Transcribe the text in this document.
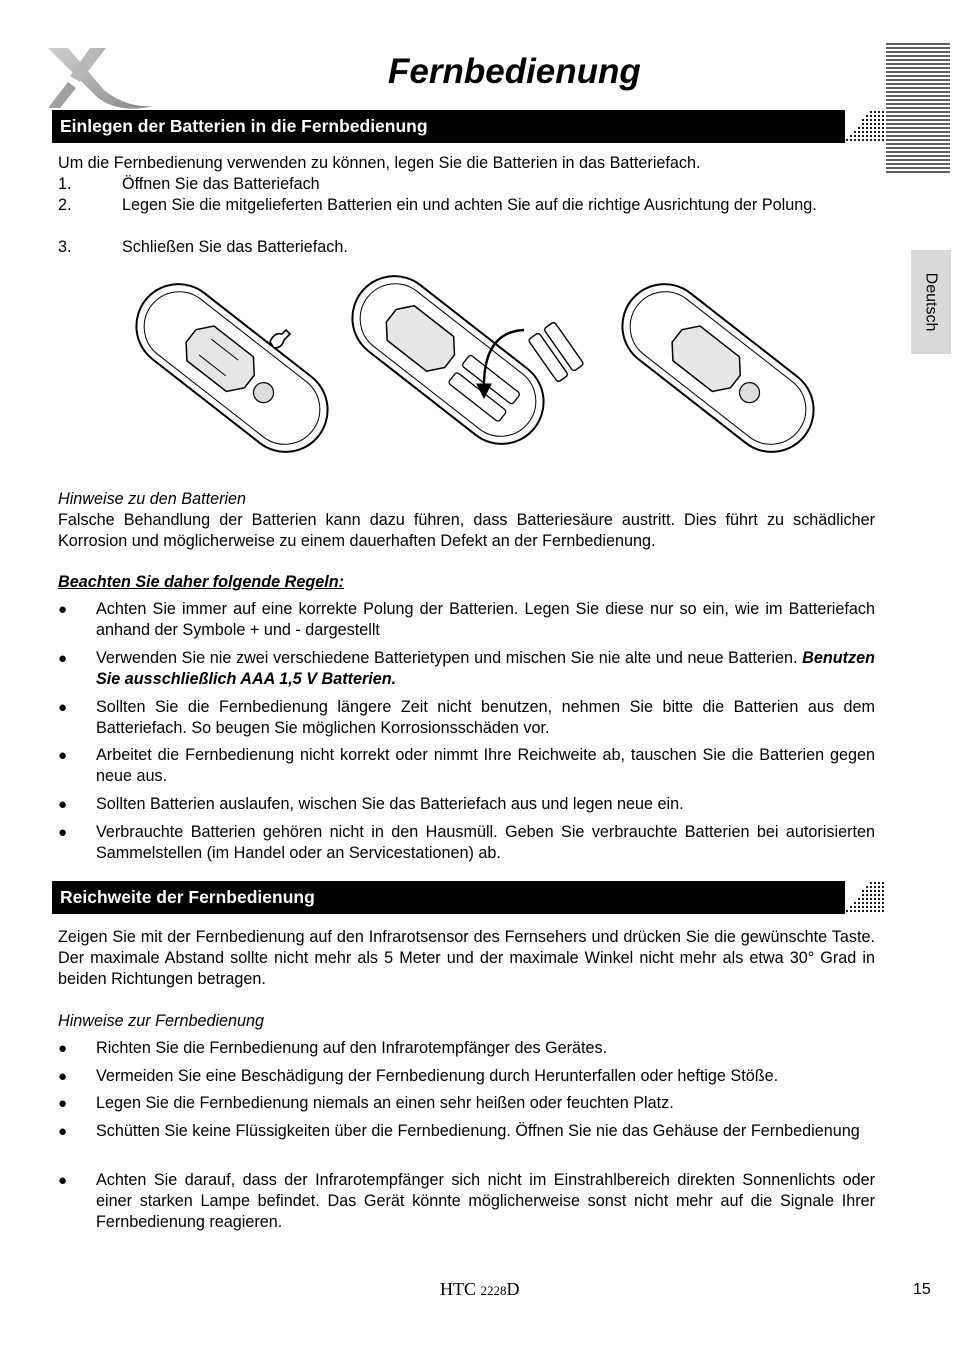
Fernbedienung
Deutsch
Einlegen der Batterien in die Fernbedienung
Um die Fernbedienung verwenden zu können, legen Sie die Batterien in das Batteriefach.
1.	Öffnen Sie das Batteriefach
2.	Legen Sie die mitgelieferten Batterien ein und achten Sie auf die richtige Ausrichtung der Polung.
3.	Schließen Sie das Batteriefach.
Hinweise zu den Batterien
Falsche Behandlung der Batterien kann dazu führen, dass Batteriesäure austritt. Dies führt zu schädlicher Korrosion und möglicherweise zu einem dauerhaften Defekt an der Fernbedienung.
Beachten Sie daher folgende Regeln:
● Achten Sie immer auf eine korrekte Polung der Batterien. Legen Sie diese nur so ein, wie im Batteriefach anhand der Symbole + und - dargestellt
● Verwenden Sie nie zwei verschiedene Batterietypen und mischen Sie nie alte und neue Batterien. Benutzen Sie ausschließlich AAA 1,5 V Batterien.
● Sollten Sie die Fernbedienung längere Zeit nicht benutzen, nehmen Sie bitte die Batterien aus dem Batteriefach. So beugen Sie möglichen Korrosionsschäden vor.
● Arbeitet die Fernbedienung nicht korrekt oder nimmt Ihre Reichweite ab, tauschen Sie die Batterien gegen neue aus.
● Sollten Batterien auslaufen, wischen Sie das Batteriefach aus und legen neue ein.
● Verbrauchte Batterien gehören nicht in den Hausmüll. Geben Sie verbrauchte Batterien bei autorisierten Sammelstellen (im Handel oder an Servicestationen) ab.
Reichweite der Fernbedienung
Zeigen Sie mit der Fernbedienung auf den Infrarotsensor des Fernsehers und drücken Sie die gewünschte Taste. Der maximale Abstand sollte nicht mehr als 5 Meter und der maximale Winkel nicht mehr als etwa 30° Grad in beiden Richtungen betragen.
Hinweise zur Fernbedienung
● Richten Sie die Fernbedienung auf den Infrarotempfänger des Gerätes.
● Vermeiden Sie eine Beschädigung der Fernbedienung durch Herunterfallen oder heftige Stöße.
● Legen Sie die Fernbedienung niemals an einen sehr heißen oder feuchten Platz.
● Schütten Sie keine Flüssigkeiten über die Fernbedienung. Öffnen Sie nie das Gehäuse der Fernbedienung
● Achten Sie darauf, dass der Infrarotempfänger sich nicht im Einstrahlbereich direkten Sonnenlichts oder einer starken Lampe befindet. Das Gerät könnte möglicherweise sonst nicht mehr auf die Signale Ihrer Fernbedienung reagieren.
HTC 2228D	15
